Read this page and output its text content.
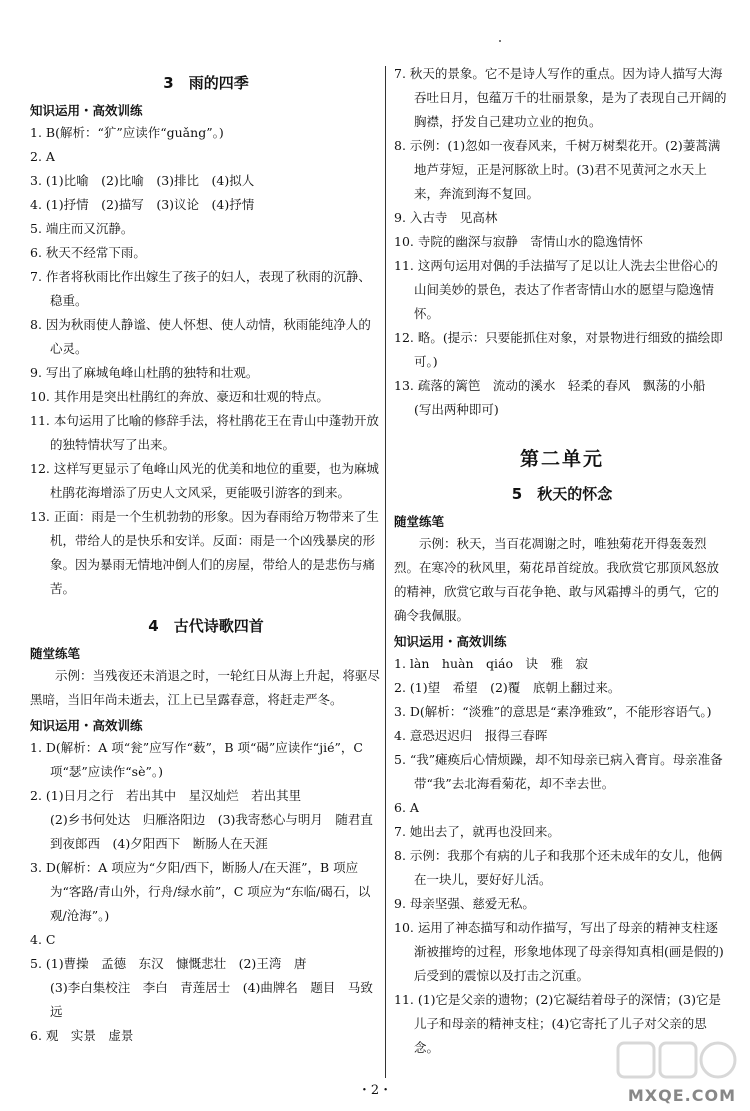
3　雨的四季
知识运用・高效训练

1. B(解析：“犷”应读作“guǎng”。)

2. A

3. (1)比喻　(2)比喻　(3)排比　(4)拟人

4. (1)抒情　(2)描写　(3)议论　(4)抒情

5. 端庄而又沉静。

6. 秋天不经常下雨。

7. 作者将秋雨比作出嫁生了孩子的妇人，表现了秋雨的沉静、稳重。

8. 因为秋雨使人静谧、使人怀想、使人动情，秋雨能纯净人的心灵。

9. 写出了麻城龟峰山杜鹃的独特和壮观。

10. 其作用是突出杜鹃红的奔放、豪迈和壮观的特点。

11. 本句运用了比喻的修辞手法，将杜鹃花王在青山中蓬勃开放的独特情状写了出来。

12. 这样写更显示了龟峰山风光的优美和地位的重要，也为麻城杜鹃花海增添了历史人文风采，更能吸引游客的到来。

13. 正面：雨是一个生机勃勃的形象。因为春雨给万物带来了生机，带给人的是快乐和安详。反面：雨是一个凶残暴戾的形象。因为暴雨无情地冲倒人们的房屋，带给人的是悲伤与痛苦。

4　古代诗歌四首
随堂练笔

示例：当残夜还未消退之时，一轮红日从海上升起，将驱尽黑暗，当旧年尚未逝去，江上已呈露春意，将赶走严冬。

知识运用・高效训练

1. D(解析：A 项“瓮”应写作“薮”，B 项“碣”应读作“jié”，C 项“瑟”应读作“sè”。)

2. (1)日月之行　若出其中　星汉灿烂　若出其里
(2)乡书何处达　归雁洛阳边　(3)我寄愁心与明月　随君直到夜郎西　(4)夕阳西下　断肠人在天涯

3. D(解析：A 项应为“夕阳/西下，断肠人/在天涯”，B 项应为“客路/青山外，行舟/绿水前”，C 项应为“东临/碣石，以观/沧海”。)

4. C

5. (1)曹操　孟德　东汉　慷慨悲壮　(2)王湾　唐
(3)李白集校注　李白　青莲居士　(4)曲牌名　题目　马致远

6. 观　实景　虚景

7. 秋天的景象。它不是诗人写作的重点。因为诗人描写大海吞吐日月，包蕴万千的壮丽景象，是为了表现自己开阔的胸襟，抒发自己建功立业的抱负。

8. 示例：(1)忽如一夜春风来，千树万树梨花开。(2)萋蒿满地芦芽短，正是河豚欲上时。(3)君不见黄河之水天上来，奔流到海不复回。

9. 入古寺　见高林

10. 寺院的幽深与寂静　寄情山水的隐逸情怀

11. 这两句运用对偶的手法描写了足以让人洗去尘世俗心的山间美妙的景色，表达了作者寄情山水的愿望与隐逸情怀。

12. 略。(提示：只要能抓住对象，对景物进行细致的描绘即可。)

13. 疏落的篱笆　流动的溪水　轻柔的春风　飘荡的小船　(写出两种即可)

第二单元
5　秋天的怀念
随堂练笔

示例：秋天，当百花凋谢之时，唯独菊花开得轰轰烈烈。在寒冷的秋风里，菊花昂首绽放。我欣赏它那顶风怒放的精神，欣赏它敢与百花争艳、敢与风霜搏斗的勇气，它的确令我佩服。

知识运用・高效训练

1. làn　huàn　qiáo　诀　雅　寂

2. (1)望　希望　(2)覆　底朝上翻过来。

3. D(解析：“淡雅”的意思是“素净雅致”，不能形容语气。)

4. 意恐迟迟归　报得三春晖

5. “我”瘫痪后心情烦躁，却不知母亲已病入膏肓。母亲准备带“我”去北海看菊花，却不幸去世。

6. A

7. 她出去了，就再也没回来。

8. 示例：我那个有病的儿子和我那个还未成年的女儿，他俩在一块儿，要好好儿活。

9. 母亲坚强、慈爱无私。

10. 运用了神态描写和动作描写，写出了母亲的精神支柱逐渐被摧垮的过程，形象地体现了母亲得知真相(画是假的)后受到的震惊以及打击之沉重。

11. (1)它是父亲的遗物；(2)它凝结着母子的深情；(3)它是儿子和母亲的精神支柱；(4)它寄托了儿子对父亲的思念。

・2・	MXQE.COM
